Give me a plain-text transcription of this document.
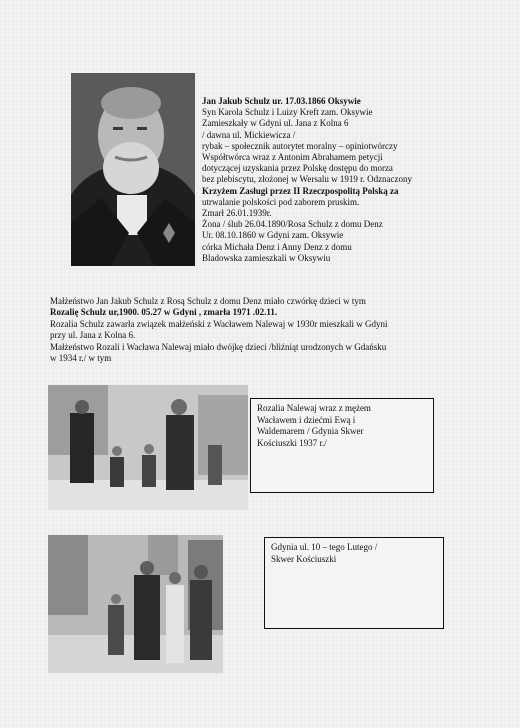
Jan Jakub Schulz ur. 17.03.1866 Oksywie
Syn Karola Schulz i Luizy Kreft zam. Oksywie
Zamieszkały w Gdyni ul. Jana z Kolna 6
/ dawna ul. Mickiewicza /
rybak – społecznik autorytet moralny – opiniotwórczy
Współtwórca wraz z Antonim Abrahamem petycji
dotyczącej uzyskania przez Polskę dostępu do morza
bez plebiscytu, złożonej w Wersalu w 1919 r. Odznaczony
Krzyżem Zasługi przez II Rzeczpospolitą Polską za
utrwalanie polskości pod zaborem pruskim.
Zmarł 26.01.1939r.
Żona / ślub 26.04.1890/Rosa Schulz z domu Denz
Ur. 08.10.1860 w Gdyni zam. Oksywie
córka Michała Denz i Anny Denz z domu
Bladowska zamieszkali w Oksywiu
Małżeństwo Jan Jakub Schulz z Rosą Schulz z domu Denz miało czwórkę dzieci w tym
Rozalię Schulz ur,1900. 05.27 w Gdyni , zmarła 1971 .02.11.
Rozalia Schulz zawarła związek małżeński z Wacławem Nalewaj w 1930r mieszkali w Gdyni
przy ul. Jana z Kolna 6.
Małżeństwo Rozali i Wacława Nalewaj miało dwójkę dzieci /bliźniąt urodzonych w Gdańsku
w 1934 r./ w tym
Rozalia Nalewaj wraz z mężem
Wacławem i dziećmi Ewą i
Waldemarem / Gdynia Skwer
Kościuszki 1937 r./
Gdynia ul. 10 – tego Lutego /
Skwer Kościuszki
